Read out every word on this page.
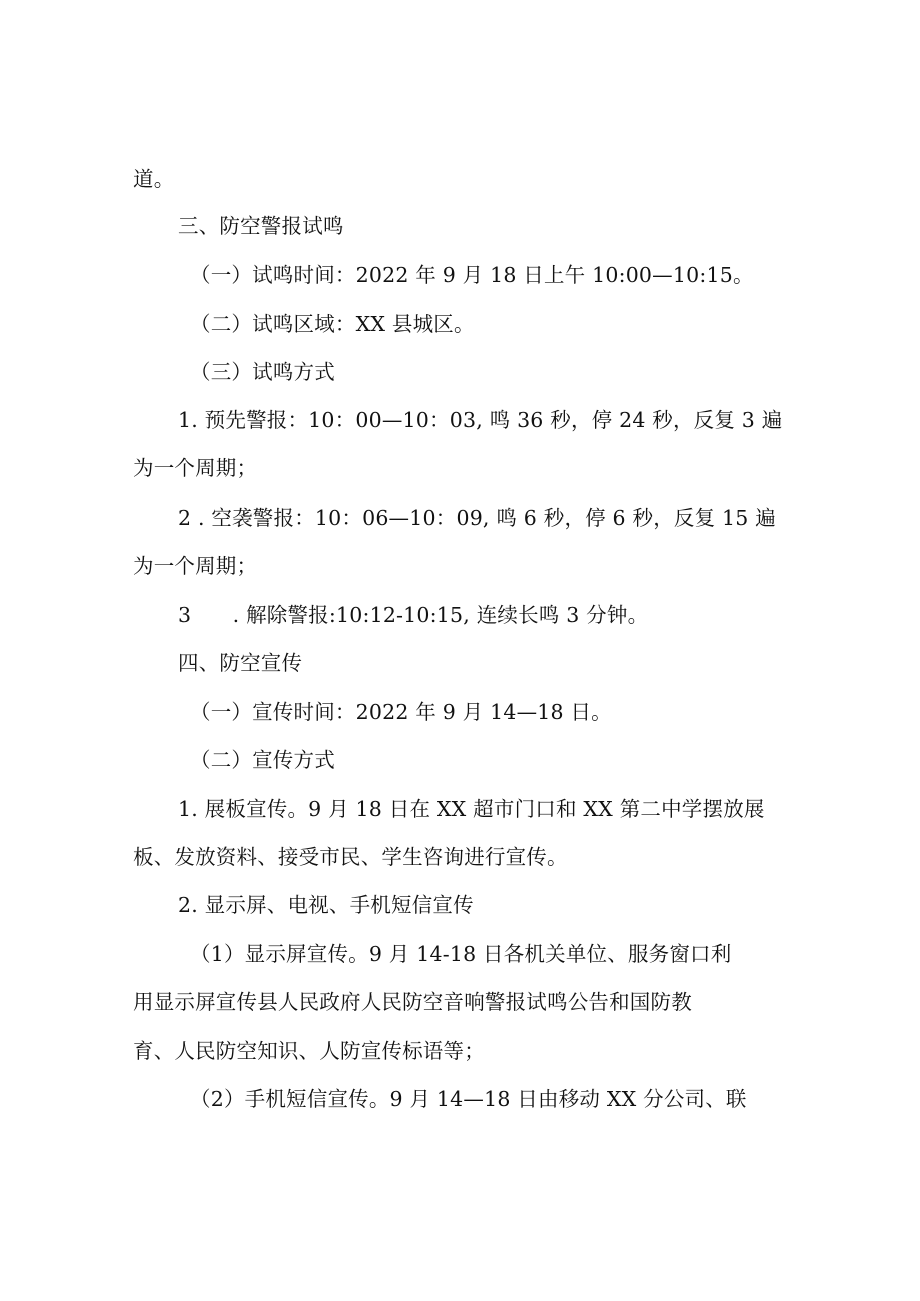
道。
三、防空警报试鸣
（一）试鸣时间：2022 年 9 月 18 日上午 10:00—10:15。
（二）试鸣区域：XX 县城区。
（三）试鸣方式
1. 预先警报：10：00—10：03, 鸣 36 秒，停 24 秒，反复 3 遍
为一个周期；
2 . 空袭警报：10：06—10：09, 鸣 6 秒，停 6 秒，反复 15 遍
为一个周期；
3　　. 解除警报:10:12-10:15, 连续长鸣 3 分钟。
四、防空宣传
（一）宣传时间：2022 年 9 月 14—18 日。
（二）宣传方式
1. 展板宣传。9 月 18 日在 XX 超市门口和 XX 第二中学摆放展
板、发放资料、接受市民、学生咨询进行宣传。
2. 显示屏、电视、手机短信宣传
（1）显示屏宣传。9 月 14-18 日各机关单位、服务窗口利
用显示屏宣传县人民政府人民防空音响警报试鸣公告和国防教
育、人民防空知识、人防宣传标语等；
（2）手机短信宣传。9 月 14—18 日由移动 XX 分公司、联
